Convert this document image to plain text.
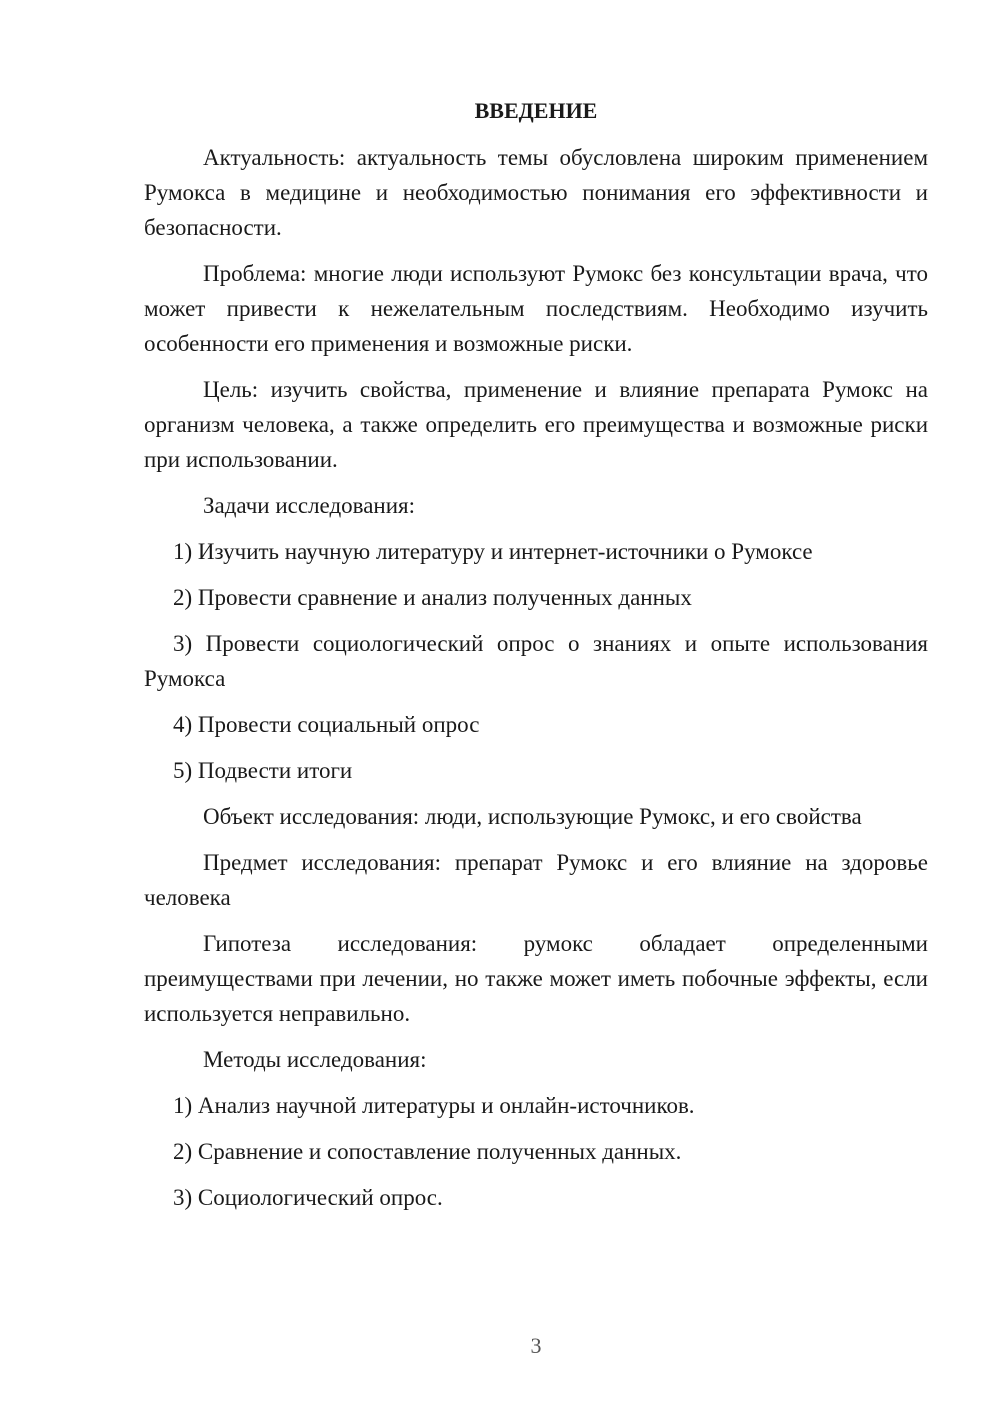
ВВЕДЕНИЕ

Актуальность: актуальность темы обусловлена широким применением Румокса в медицине и необходимостью понимания его эффективности и безопасности.

Проблема: многие люди используют Румокс без консультации врача, что может привести к нежелательным последствиям. Необходимо изучить особенности его применения и возможные риски.

Цель: изучить свойства, применение и влияние препарата Румокс на организм человека, а также определить его преимущества и возможные риски при использовании.

Задачи исследования:

1) Изучить научную литературу и интернет-источники о Румоксе

2) Провести сравнение и анализ полученных данных

3) Провести социологический опрос о знаниях и опыте использования Румокса

4) Провести социальный опрос

5) Подвести итоги

Объект исследования: люди, использующие Румокс, и его свойства

Предмет исследования: препарат Румокс и его влияние на здоровье человека

Гипотеза исследования: румокс обладает определенными преимуществами при лечении, но также может иметь побочные эффекты, если используется неправильно.

Методы исследования:

1) Анализ научной литературы и онлайн-источников.

2) Сравнение и сопоставление полученных данных.

3) Социологический опрос.

3
